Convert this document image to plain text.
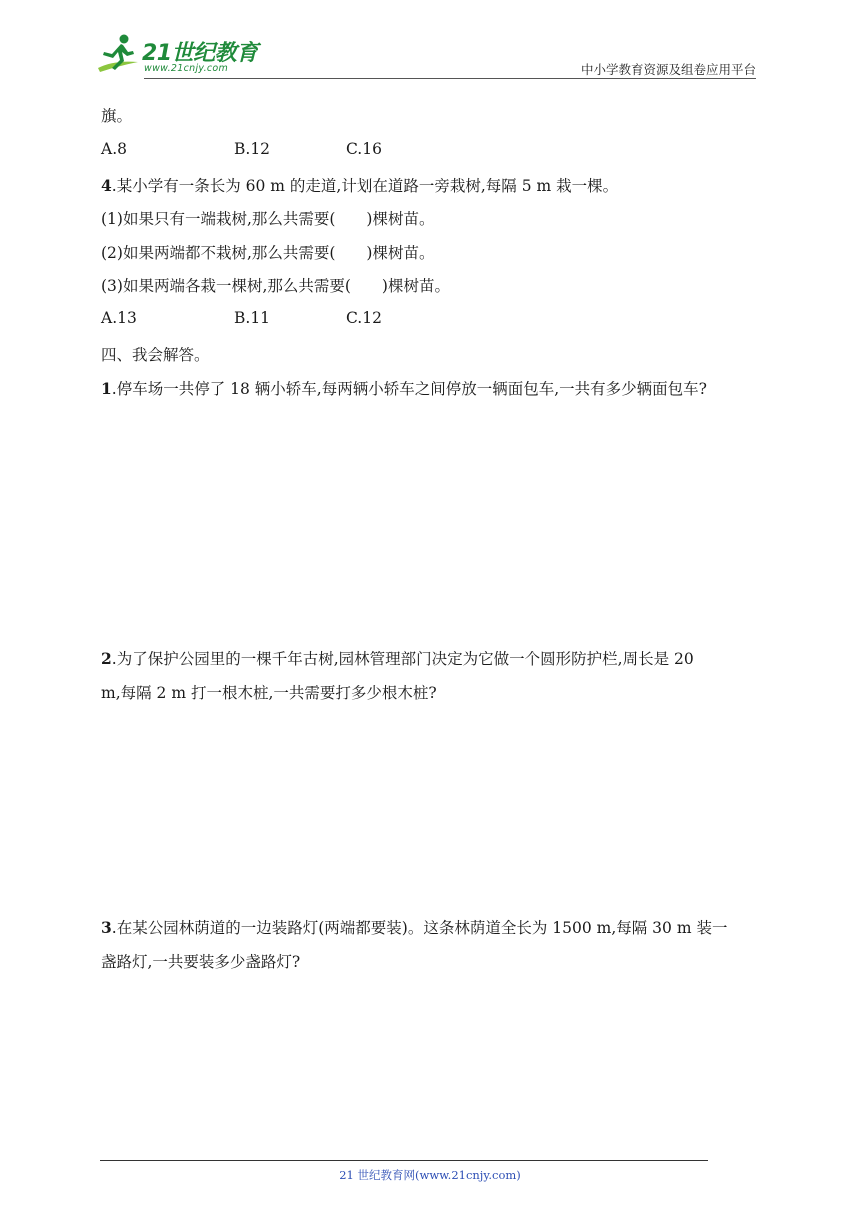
21世纪教育
www.21cnjy.com	中小学教育资源及组卷应用平台
旗。
A.8	B.12	C.16
4.某小学有一条长为 60 m 的走道,计划在道路一旁栽树,每隔 5 m 栽一棵。
(1)如果只有一端栽树,那么共需要(　　)棵树苗。
(2)如果两端都不栽树,那么共需要(　　)棵树苗。
(3)如果两端各栽一棵树,那么共需要(　　)棵树苗。
A.13	B.11	C.12
四、我会解答。
1.停车场一共停了 18 辆小轿车,每两辆小轿车之间停放一辆面包车,一共有多少辆面包车?
2.为了保护公园里的一棵千年古树,园林管理部门决定为它做一个圆形防护栏,周长是 20
m,每隔 2 m 打一根木桩,一共需要打多少根木桩?
3.在某公园林荫道的一边装路灯(两端都要装)。这条林荫道全长为 1500 m,每隔 30 m 装一
盏路灯,一共要装多少盏路灯?
21 世纪教育网(www.21cnjy.com)
